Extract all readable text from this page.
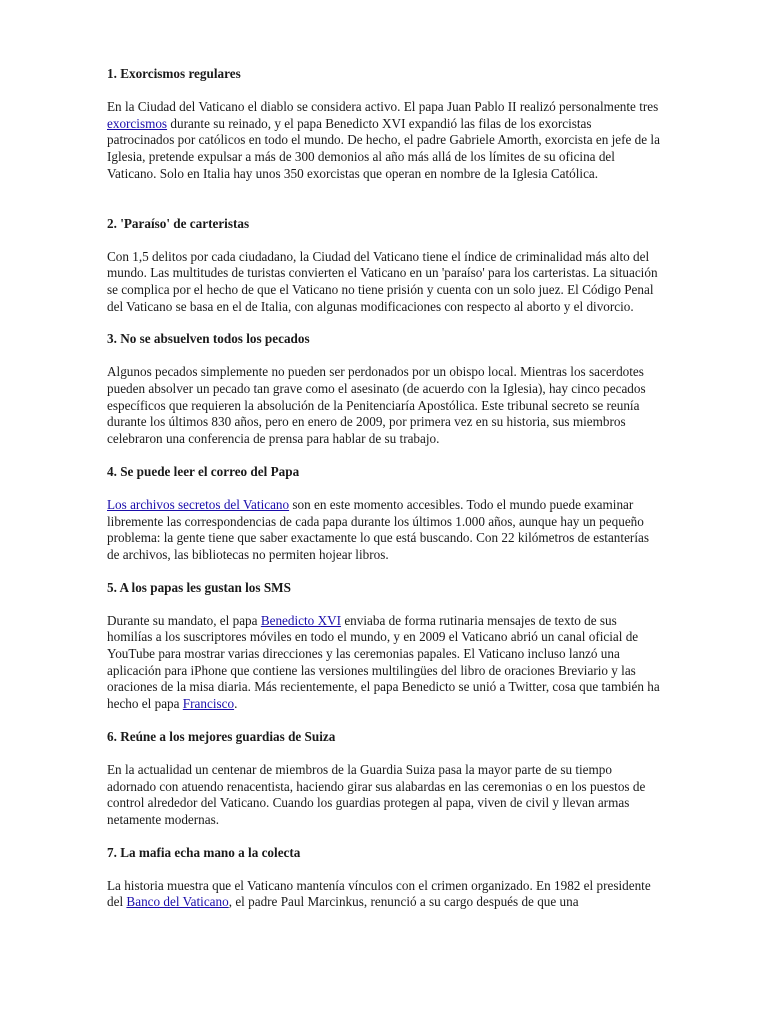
1. Exorcismos regulares

En la Ciudad del Vaticano el diablo se considera activo. El papa Juan Pablo II realizó personalmente tres exorcismos durante su reinado, y el papa Benedicto XVI expandió las filas de los exorcistas patrocinados por católicos en todo el mundo. De hecho, el padre Gabriele Amorth, exorcista en jefe de la Iglesia, pretende expulsar a más de 300 demonios al año más allá de los límites de su oficina del Vaticano. Solo en Italia hay unos 350 exorcistas que operan en nombre de la Iglesia Católica.

2. 'Paraíso' de carteristas

Con 1,5 delitos por cada ciudadano, la Ciudad del Vaticano tiene el índice de criminalidad más alto del mundo. Las multitudes de turistas convierten el Vaticano en un 'paraíso' para los carteristas. La situación se complica por el hecho de que el Vaticano no tiene prisión y cuenta con un solo juez. El Código Penal del Vaticano se basa en el de Italia, con algunas modificaciones con respecto al aborto y el divorcio.

3. No se absuelven todos los pecados

Algunos pecados simplemente no pueden ser perdonados por un obispo local. Mientras los sacerdotes pueden absolver un pecado tan grave como el asesinato (de acuerdo con la Iglesia), hay cinco pecados específicos que requieren la absolución de la Penitenciaría Apostólica. Este tribunal secreto se reunía durante los últimos 830 años, pero en enero de 2009, por primera vez en su historia, sus miembros celebraron una conferencia de prensa para hablar de su trabajo.

4. Se puede leer el correo del Papa

Los archivos secretos del Vaticano son en este momento accesibles. Todo el mundo puede examinar libremente las correspondencias de cada papa durante los últimos 1.000 años, aunque hay un pequeño problema: la gente tiene que saber exactamente lo que está buscando. Con 22 kilómetros de estanterías de archivos, las bibliotecas no permiten hojear libros.

5. A los papas les gustan los SMS

Durante su mandato, el papa Benedicto XVI enviaba de forma rutinaria mensajes de texto de sus homilías a los suscriptores móviles en todo el mundo, y en 2009 el Vaticano abrió un canal oficial de YouTube para mostrar varias direcciones y las ceremonias papales. El Vaticano incluso lanzó una aplicación para iPhone que contiene las versiones multilingües del libro de oraciones Breviario y las oraciones de la misa diaria. Más recientemente, el papa Benedicto se unió a Twitter, cosa que también ha hecho el papa Francisco.

6. Reúne a los mejores guardias de Suiza

En la actualidad un centenar de miembros de la Guardia Suiza pasa la mayor parte de su tiempo adornado con atuendo renacentista, haciendo girar sus alabardas en las ceremonias o en los puestos de control alrededor del Vaticano. Cuando los guardias protegen al papa, viven de civil y llevan armas netamente modernas.

7. La mafia echa mano a la colecta

La historia muestra que el Vaticano mantenía vínculos con el crimen organizado. En 1982 el presidente del Banco del Vaticano, el padre Paul Marcinkus, renunció a su cargo después de que una
